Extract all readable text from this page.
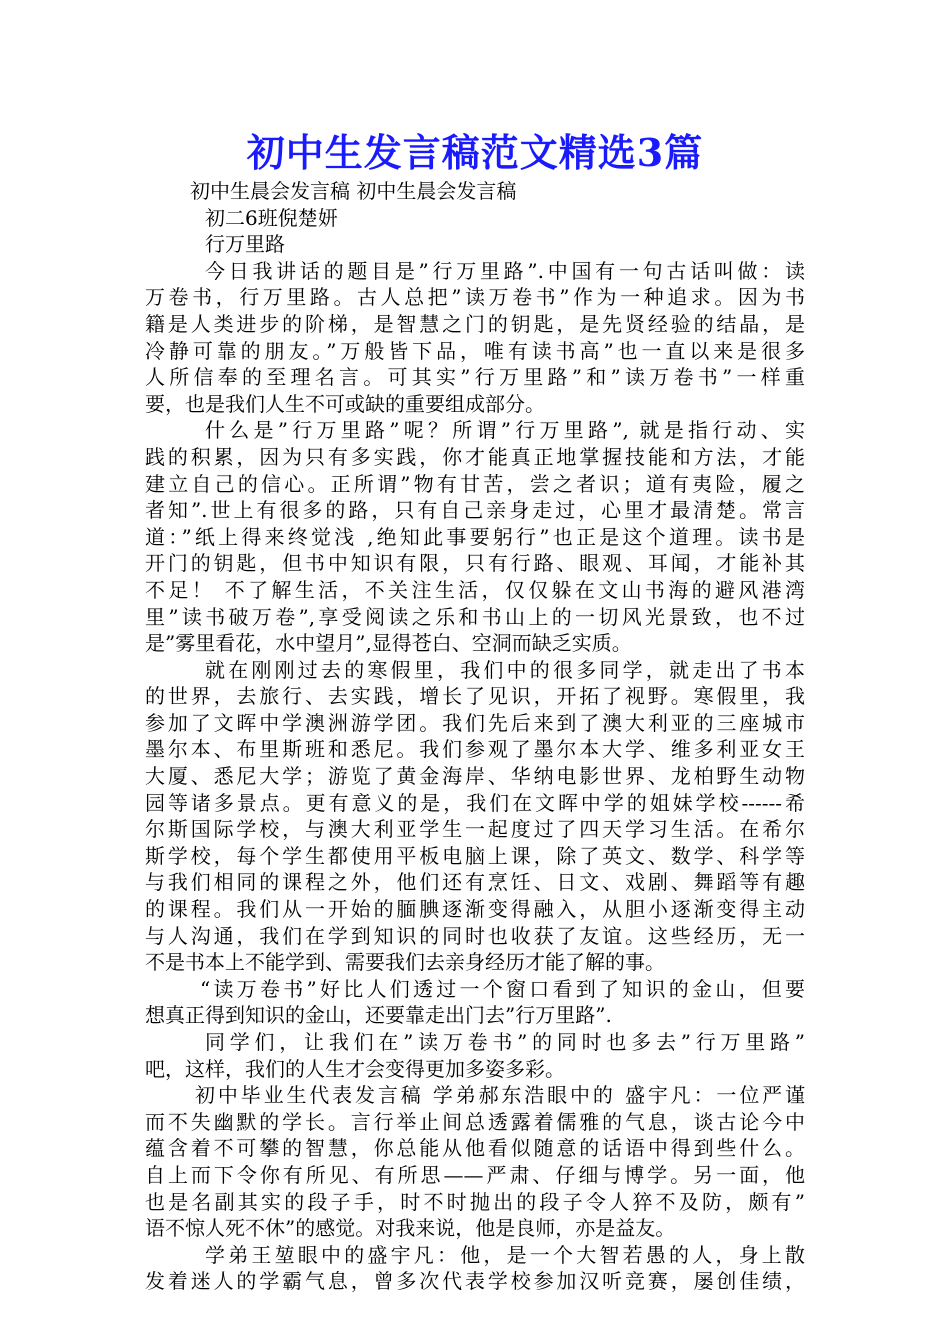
初中生发言稿范文精选3篇
初中生晨会发言稿 初中生晨会发言稿
初二6班倪楚妍
行万里路
今日我讲话的题目是”行万里路”.中国有一句古话叫做：读
万卷书，行万里路。古人总把”读万卷书”作为一种追求。因为书
籍是人类进步的阶梯，是智慧之门的钥匙，是先贤经验的结晶，是
冷静可靠的朋友。”万般皆下品，唯有读书高”也一直以来是很多
人所信奉的至理名言。可其实”行万里路”和”读万卷书”一样重
要，也是我们人生不可或缺的重要组成部分。
什么是”行万里路”呢？所谓”行万里路”, 就是指行动、实
践的积累，因为只有多实践，你才能真正地掌握技能和方法，才能
建立自己的信心。正所谓”物有甘苦，尝之者识；道有夷险，履之
者知”.世上有很多的路，只有自己亲身走过，心里才最清楚。常言
道：”纸上得来终觉浅 ,绝知此事要躬行”也正是这个道理。读书是
开门的钥匙，但书中知识有限，只有行路、眼观、耳闻，才能补其
不足！ 不了解生活，不关注生活，仅仅躲在文山书海的避风港湾
里”读书破万卷”,享受阅读之乐和书山上的一切风光景致，也不过
是”雾里看花，水中望月”,显得苍白、空洞而缺乏实质。
就在刚刚过去的寒假里，我们中的很多同学，就走出了书本
的世界，去旅行、去实践，增长了见识，开拓了视野。寒假里，我
参加了文晖中学澳洲游学团。我们先后来到了澳大利亚的三座城市
墨尔本、布里斯班和悉尼。我们参观了墨尔本大学、维多利亚女王
大厦、悉尼大学；游览了黄金海岸、华纳电影世界、龙柏野生动物
园等诸多景点。更有意义的是，我们在文晖中学的姐妹学校------希
尔斯国际学校，与澳大利亚学生一起度过了四天学习生活。在希尔
斯学校，每个学生都使用平板电脑上课，除了英文、数学、科学等
与我们相同的课程之外，他们还有烹饪、日文、戏剧、舞蹈等有趣
的课程。我们从一开始的腼腆逐渐变得融入，从胆小逐渐变得主动
与人沟通，我们在学到知识的同时也收获了友谊。这些经历，无一
不是书本上不能学到、需要我们去亲身经历才能了解的事。
“读万卷书”好比人们透过一个窗口看到了知识的金山，但要
想真正得到知识的金山，还要靠走出门去”行万里路”.
同学们，让我们在”读万卷书”的同时也多去”行万里路”
吧，这样，我们的人生才会变得更加多姿多彩。
初中毕业生代表发言稿 学弟郝东浩眼中的 盛宇凡：一位严谨
而不失幽默的学长。言行举止间总透露着儒雅的气息，谈古论今中
蕴含着不可攀的智慧，你总能从他看似随意的话语中得到些什么。
自上而下令你有所见、有所思——严肃、仔细与博学。另一面，他
也是名副其实的段子手，时不时抛出的段子令人猝不及防，颇有”
语不惊人死不休”的感觉。对我来说，他是良师，亦是益友。
学弟王堃眼中的盛宇凡：他，是一个大智若愚的人，身上散
发着迷人的学霸气息，曾多次代表学校参加汉听竞赛，屡创佳绩，
